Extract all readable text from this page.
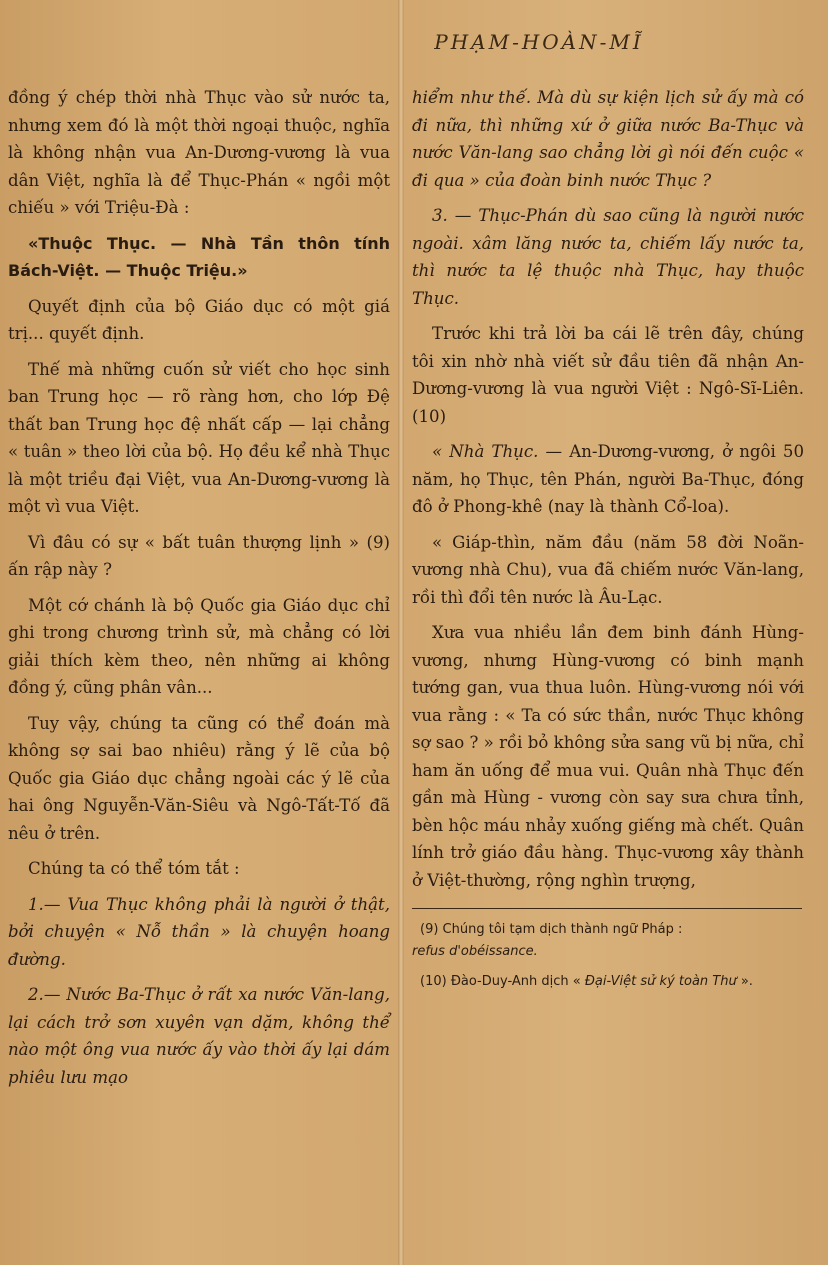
PHẠM-HOÀN-MĨ

đồng ý chép thời nhà Thục vào sử nước ta, nhưng xem đó là một thời ngoại thuộc, nghĩa là không nhận vua An-Dương-vương là vua dân Việt, nghĩa là để Thục-Phán « ngồi một chiếu » với Triệu-Đà :

«Thuộc Thục. — Nhà Tần thôn tính Bách-Việt. — Thuộc Triệu.»

Quyết định của bộ Giáo dục có một giá trị... quyết định.

Thế mà những cuốn sử viết cho học sinh ban Trung học — rõ ràng hơn, cho lớp Đệ thất ban Trung học đệ nhất cấp — lại chẳng « tuân » theo lời của bộ. Họ đều kể nhà Thục là một triều đại Việt, vua An-Dương-vương là một vì vua Việt.

Vì đâu có sự « bất tuân thượng lịnh » (9) ấn rập này ?

Một cớ chánh là bộ Quốc gia Giáo dục chỉ ghi trong chương trình sử, mà chẳng có lời giải thích kèm theo, nên những ai không đồng ý, cũng phân vân...

Tuy vậy, chúng ta cũng có thể đoán mà không sợ sai bao nhiêu) rằng ý lẽ của bộ Quốc gia Giáo dục chẳng ngoài các ý lẽ của hai ông Nguyễn-Văn-Siêu và Ngô-Tất-Tố đã nêu ở trên.

Chúng ta có thể tóm tắt :

1.— Vua Thục không phải là người ở thật, bởi chuyện « Nỗ thần » là chuyện hoang đường.

2.— Nước Ba-Thục ở rất xa nước Văn-lang, lại cách trở sơn xuyên vạn dặm, không thể nào một ông vua nước ấy vào thời ấy lại dám phiêu lưu mạo

hiểm như thế. Mà dù sự kiện lịch sử ấy mà có đi nữa, thì những xứ ở giữa nước Ba-Thục và nước Văn-lang sao chẳng lời gì nói đến cuộc « đi qua » của đoàn binh nước Thục ?

3. — Thục-Phán dù sao cũng là người nước ngoài. xâm lăng nước ta, chiếm lấy nước ta, thì nước ta lệ thuộc nhà Thục, hay thuộc Thục.

Trước khi trả lời ba cái lẽ trên đây, chúng tôi xin nhờ nhà viết sử đầu tiên đã nhận An-Dương-vương là vua người Việt : Ngô-Sĩ-Liên. (10)

« Nhà Thục. — An-Dương-vương, ở ngôi 50 năm, họ Thục, tên Phán, người Ba-Thục, đóng đô ở Phong-khê (nay là thành Cổ-loa).

« Giáp-thìn, năm đầu (năm 58 đời Noãn-vương nhà Chu), vua đã chiếm nước Văn-lang, rồi thì đổi tên nước là Âu-Lạc.

Xưa vua nhiều lần đem binh đánh Hùng-vương, nhưng Hùng-vương có binh mạnh tướng gan, vua thua luôn. Hùng-vương nói với vua rằng : « Ta có sức thần, nước Thục không sợ sao ? » rồi bỏ không sửa sang vũ bị nữa, chỉ ham ăn uống để mua vui. Quân nhà Thục đến gần mà Hùng - vương còn say sưa chưa tỉnh, bèn hộc máu nhảy xuống giếng mà chết. Quân lính trở giáo đầu hàng. Thục-vương xây thành ở Việt-thường, rộng nghìn trượng,

(9) Chúng tôi tạm dịch thành ngữ Pháp :
refus d'obéissance.

(10) Đào-Duy-Anh dịch « Đại-Việt sử ký toàn Thư ».
